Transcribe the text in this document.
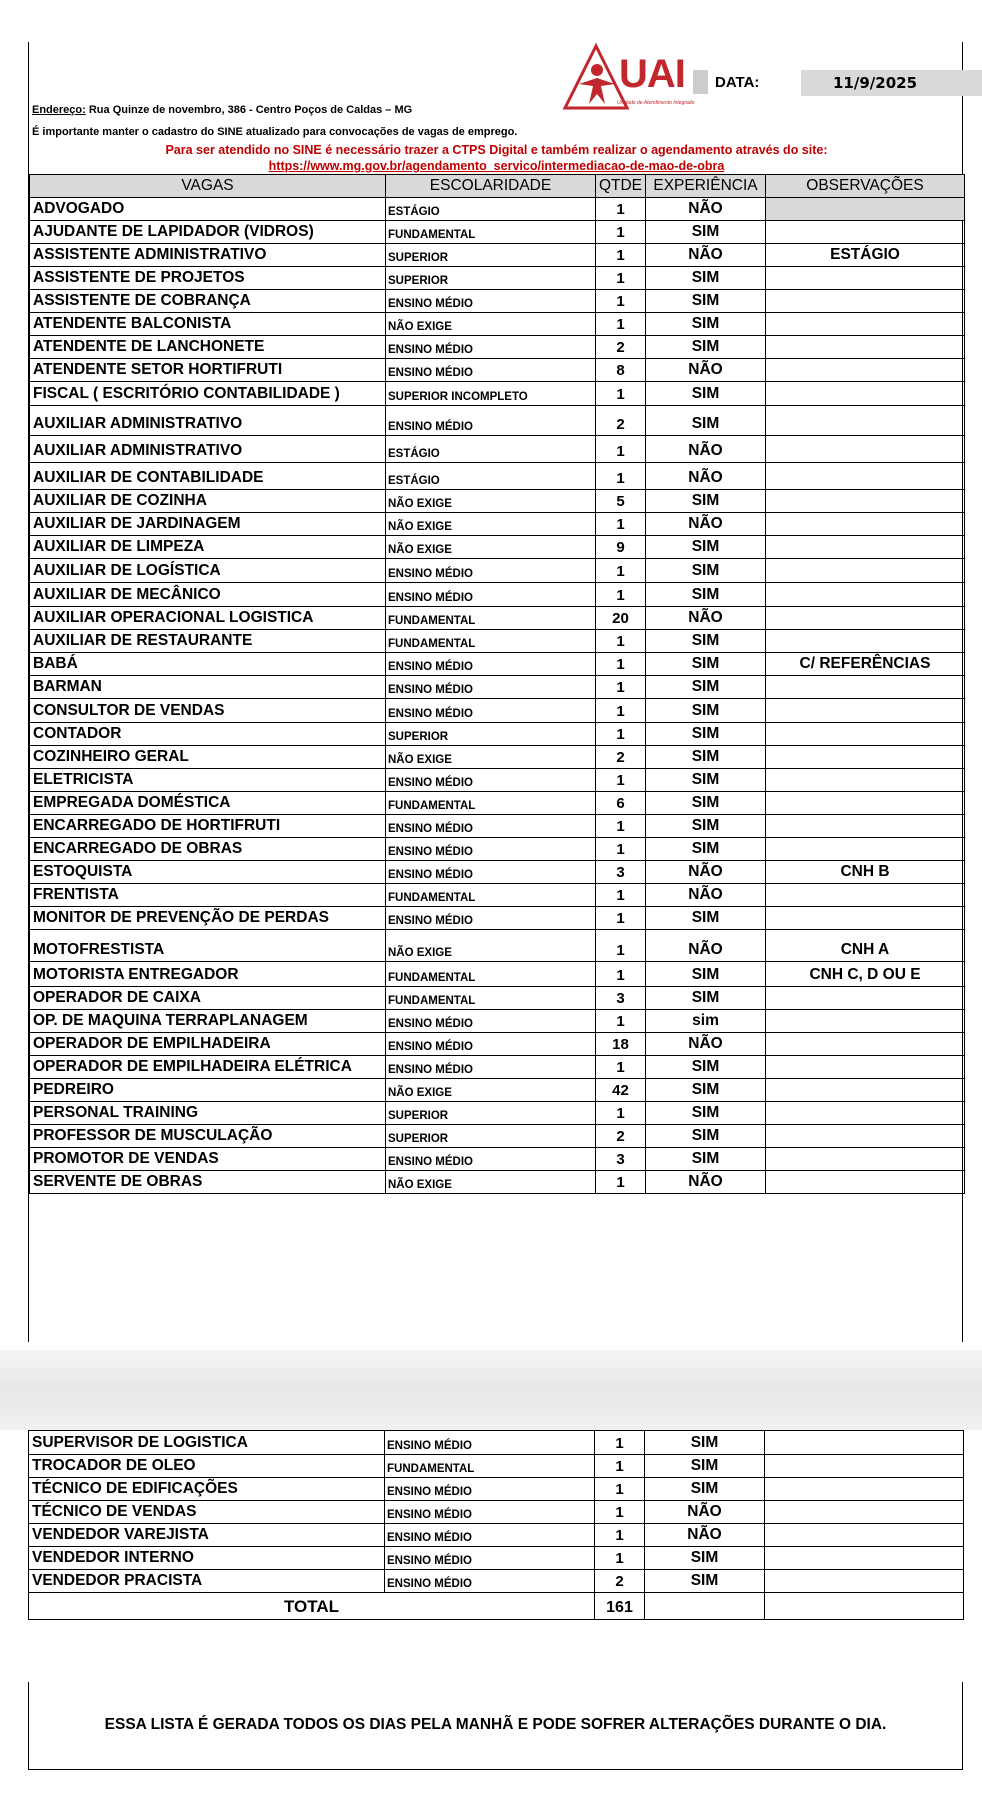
UAI
Unidade de Atendimento Integrado
DATA:	11/9/2025
Endereço: Rua Quinze de novembro, 386 - Centro Poços de Caldas – MG
É importante manter o cadastro do SINE atualizado para convocações de vagas de emprego.
Para ser atendido no SINE é necessário trazer a CTPS Digital e também realizar o agendamento através do site:
https://www.mg.gov.br/agendamento_servico/intermediacao-de-mao-de-obra
VAGAS	ESCOLARIDADE	QTDE	EXPERIÊNCIA	OBSERVAÇÕES
ADVOGADO	ESTÁGIO	1	NÃO	
AJUDANTE DE LAPIDADOR (VIDROS)	FUNDAMENTAL	1	SIM	
ASSISTENTE ADMINISTRATIVO	SUPERIOR	1	NÃO	ESTÁGIO
ASSISTENTE DE PROJETOS	SUPERIOR	1	SIM	
ASSISTENTE DE COBRANÇA	ENSINO MÉDIO	1	SIM	
ATENDENTE BALCONISTA	NÃO EXIGE	1	SIM	
ATENDENTE DE LANCHONETE	ENSINO MÉDIO	2	SIM	
ATENDENTE SETOR HORTIFRUTI	ENSINO MÉDIO	8	NÃO	
FISCAL ( ESCRITÓRIO CONTABILIDADE )	SUPERIOR INCOMPLETO	1	SIM	
AUXILIAR ADMINISTRATIVO	ENSINO MÉDIO	2	SIM	
AUXILIAR ADMINISTRATIVO	ESTÁGIO	1	NÃO	
AUXILIAR DE CONTABILIDADE	ESTÁGIO	1	NÃO	
AUXILIAR DE COZINHA	NÃO EXIGE	5	SIM	
AUXILIAR DE JARDINAGEM	NÃO EXIGE	1	NÃO	
AUXILIAR DE LIMPEZA	NÃO EXIGE	9	SIM	
AUXILIAR DE LOGÍSTICA	ENSINO MÉDIO	1	SIM	
AUXILIAR DE MECÂNICO	ENSINO MÉDIO	1	SIM	
AUXILIAR OPERACIONAL LOGISTICA	FUNDAMENTAL	20	NÃO	
AUXILIAR DE RESTAURANTE	FUNDAMENTAL	1	SIM	
BABÁ	ENSINO MÉDIO	1	SIM	C/ REFERÊNCIAS
BARMAN	ENSINO MÉDIO	1	SIM	
CONSULTOR DE VENDAS	ENSINO MÉDIO	1	SIM	
CONTADOR	SUPERIOR	1	SIM	
COZINHEIRO GERAL	NÃO EXIGE	2	SIM	
ELETRICISTA	ENSINO MÉDIO	1	SIM	
EMPREGADA DOMÉSTICA	FUNDAMENTAL	6	SIM	
ENCARREGADO DE HORTIFRUTI	ENSINO MÉDIO	1	SIM	
ENCARREGADO DE OBRAS	ENSINO MÉDIO	1	SIM	
ESTOQUISTA	ENSINO MÉDIO	3	NÃO	CNH B
FRENTISTA	FUNDAMENTAL	1	NÃO	
MONITOR DE PREVENÇÃO DE PERDAS	ENSINO MÉDIO	1	SIM	
MOTOFRESTISTA	NÃO EXIGE	1	NÃO	CNH A
MOTORISTA ENTREGADOR	FUNDAMENTAL	1	SIM	CNH C, D OU E
OPERADOR DE CAIXA	FUNDAMENTAL	3	SIM	
OP. DE MAQUINA TERRAPLANAGEM	ENSINO MÉDIO	1	sim	
OPERADOR DE EMPILHADEIRA	ENSINO MÉDIO	18	NÃO	
OPERADOR DE EMPILHADEIRA ELÉTRICA	ENSINO MÉDIO	1	SIM	
PEDREIRO	NÃO EXIGE	42	SIM	
PERSONAL TRAINING	SUPERIOR	1	SIM	
PROFESSOR DE MUSCULAÇÃO	SUPERIOR	2	SIM	
PROMOTOR DE VENDAS	ENSINO MÉDIO	3	SIM	
SERVENTE DE OBRAS	NÃO EXIGE	1	NÃO	
SUPERVISOR DE LOGISTICA	ENSINO MÉDIO	1	SIM	
TROCADOR DE OLEO	FUNDAMENTAL	1	SIM	
TÉCNICO DE EDIFICAÇÕES	ENSINO MÉDIO	1	SIM	
TÉCNICO DE VENDAS	ENSINO MÉDIO	1	NÃO	
VENDEDOR VAREJISTA	ENSINO MÉDIO	1	NÃO	
VENDEDOR INTERNO	ENSINO MÉDIO	1	SIM	
VENDEDOR PRACISTA	ENSINO MÉDIO	2	SIM	
TOTAL		161		
ESSA LISTA É GERADA TODOS OS DIAS PELA MANHÃ E PODE SOFRER ALTERAÇÕES DURANTE O DIA.
